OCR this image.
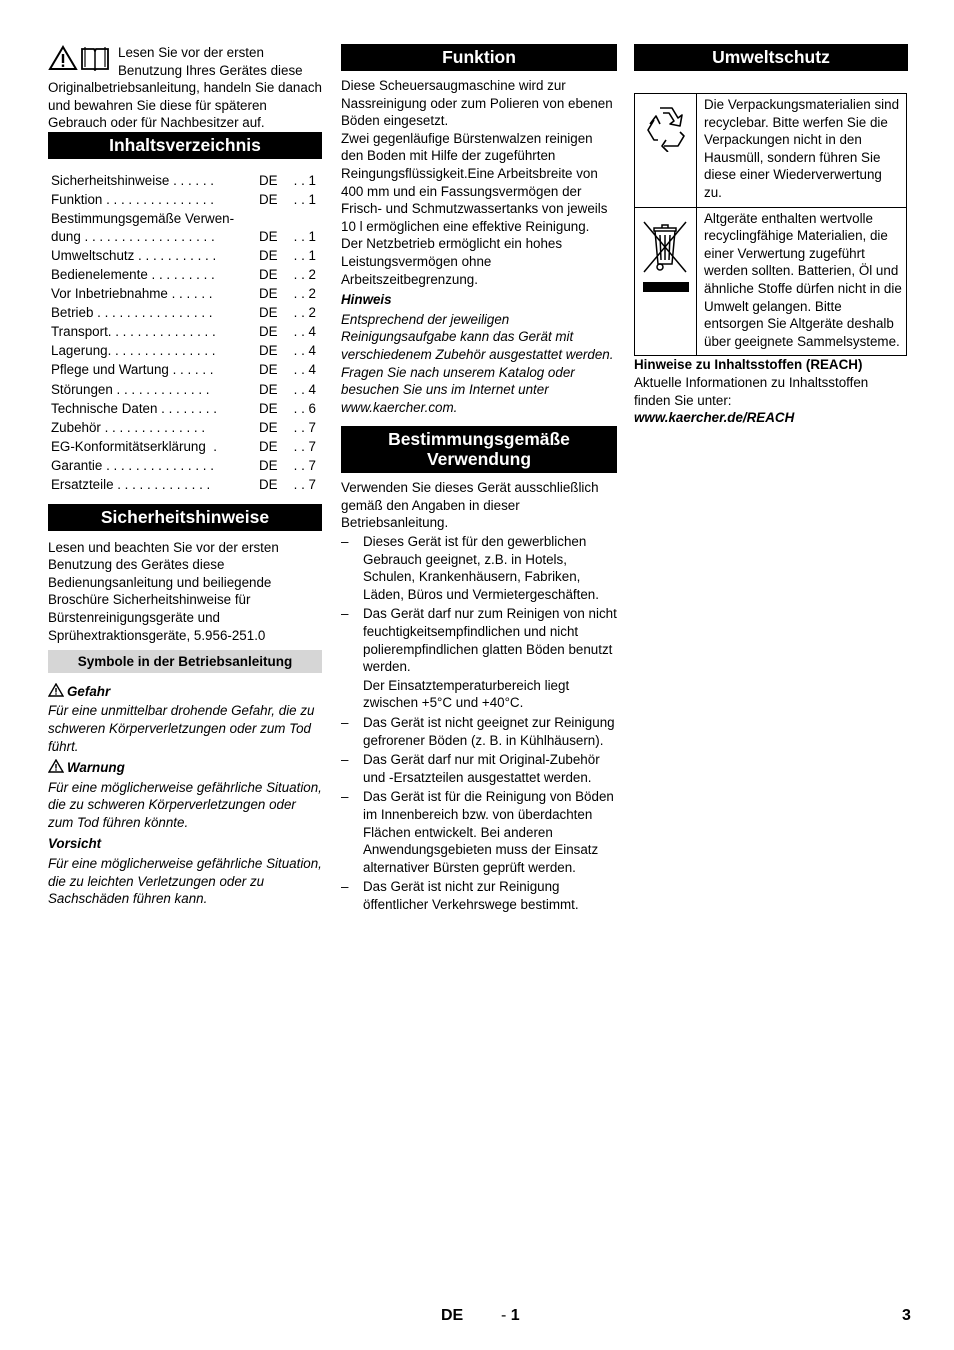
Lesen Sie vor der ersten Benutzung Ihres Gerätes diese Originalbetriebsanleitung, handeln Sie danach und bewahren Sie diese für späteren Gebrauch oder für Nachbesitzer auf.

Inhaltsverzeichnis
Sicherheitshinweise . . . . . .	DE	. . 1
Funktion . . . . . . . . . . . . . . .	DE	. . 1
Bestimmungsgemäße Verwen-
dung . . . . . . . . . . . . . . . . . .	DE	. . 1
Umweltschutz . . . . . . . . . . .	DE	. . 1
Bedienelemente . . . . . . . . .	DE	. . 2
Vor Inbetriebnahme . . . . . .	DE	. . 2
Betrieb . . . . . . . . . . . . . . . .	DE	. . 2
Transport. . . . . . . . . . . . . . .	DE	. . 4
Lagerung. . . . . . . . . . . . . . .	DE	. . 4
Pflege und Wartung . . . . . .	DE	. . 4
Störungen . . . . . . . . . . . . .	DE	. . 4
Technische Daten . . . . . . . .	DE	. . 6
Zubehör . . . . . . . . . . . . . .	DE	. . 7
EG-Konformitätserklärung  .	DE	. . 7
Garantie . . . . . . . . . . . . . . .	DE	. . 7
Ersatzteile . . . . . . . . . . . . .	DE	. . 7
Sicherheitshinweise

Lesen und beachten Sie vor der ersten Benutzung des Gerätes diese Bedienungsanleitung und beiliegende Broschüre Sicherheitshinweise für Bürstenreinigungsgeräte und Sprühextraktionsgeräte, 5.956-251.0

Symbole in der Betriebsanleitung

Gefahr

Für eine unmittelbar drohende Gefahr, die zu schweren Körperverletzungen oder zum Tod führt.

Warnung

Für eine möglicherweise gefährliche Situation, die zu schweren Körperverletzungen oder zum Tod führen könnte.

Vorsicht

Für eine möglicherweise gefährliche Situation, die zu leichten Verletzungen oder zu Sachschäden führen kann.

Funktion

Diese Scheuersaugmaschine wird zur Nassreinigung oder zum Polieren von ebenen Böden eingesetzt.

Zwei gegenläufige Bürstenwalzen reinigen den Boden mit Hilfe der zugeführten Reingungsflüssigkeit.Eine Arbeitsbreite von 400 mm und ein Fassungsvermögen der Frisch- und Schmutzwassertanks von jeweils 10 l ermöglichen eine effektive Reinigung.

Der Netzbetrieb ermöglicht ein hohes Leistungsvermögen ohne Arbeitszeitbegrenzung.

Hinweis

Entsprechend der jeweiligen Reinigungsaufgabe kann das Gerät mit verschiedenem Zubehör ausgestattet werden.

Fragen Sie nach unserem Katalog oder besuchen Sie uns im Internet unter www.kaercher.com.

Bestimmungsgemäße Verwendung

Verwenden Sie dieses Gerät ausschließlich gemäß den Angaben in dieser Betriebsanleitung.

–	Dieses Gerät ist für den gewerblichen Gebrauch geeignet, z.B. in Hotels, Schulen, Krankenhäusern, Fabriken, Läden, Büros und Vermietergeschäften.
–	Das Gerät darf nur zum Reinigen von nicht feuchtigkeitsempfindlichen und nicht polierempfindlichen glatten Böden benutzt werden.
Der Einsatztemperaturbereich liegt zwischen +5°C und +40°C.
–	Das Gerät ist nicht geeignet zur Reinigung gefrorener Böden (z. B. in Kühlhäusern).
–	Das Gerät darf nur mit Original-Zubehör und -Ersatzteilen ausgestattet werden.
–	Das Gerät ist für die Reinigung von Böden im Innenbereich bzw. von überdachten Flächen entwickelt. Bei anderen Anwendungsgebieten muss der Einsatz alternativer Bürsten geprüft werden.
–	Das Gerät ist nicht zur Reinigung öffentlicher Verkehrswege bestimmt.
Umweltschutz
Die Verpackungsmaterialien sind recyclebar. Bitte werfen Sie die Verpackungen nicht in den Hausmüll, sondern führen Sie diese einer Wiederverwertung zu.
Altgeräte enthalten wertvolle recyclingfähige Materialien, die einer Verwertung zugeführt werden sollten. Batterien, Öl und ähnliche Stoffe dürfen nicht in die Umwelt gelangen. Bitte entsorgen Sie Altgeräte deshalb über geeignete Sammelsysteme.

Hinweise zu Inhaltsstoffen (REACH)

Aktuelle Informationen zu Inhaltsstoffen finden Sie unter:

www.kaercher.de/REACH

DE - 1	3
